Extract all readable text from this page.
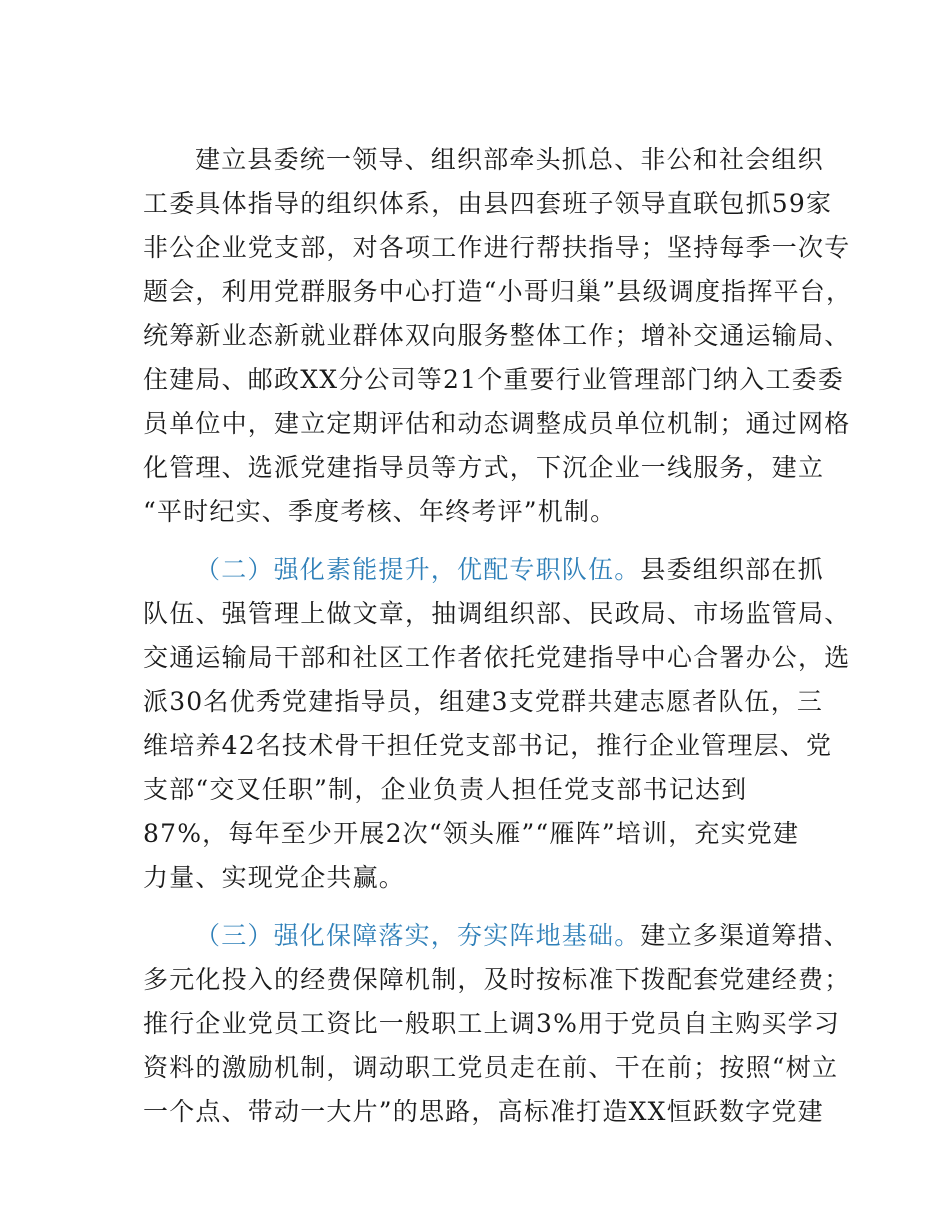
建立县委统一领导、组织部牵头抓总、非公和社会组织
工委具体指导的组织体系，由县四套班子领导直联包抓59家
非公企业党支部，对各项工作进行帮扶指导；坚持每季一次专
题会，利用党群服务中心打造“小哥归巢”县级调度指挥平台，
统筹新业态新就业群体双向服务整体工作；增补交通运输局、
住建局、邮政XX分公司等21个重要行业管理部门纳入工委委
员单位中，建立定期评估和动态调整成员单位机制；通过网格
化管理、选派党建指导员等方式，下沉企业一线服务，建立
“平时纪实、季度考核、年终考评”机制。
（二）强化素能提升，优配专职队伍。县委组织部在抓
队伍、强管理上做文章，抽调组织部、民政局、市场监管局、
交通运输局干部和社区工作者依托党建指导中心合署办公，选
派30名优秀党建指导员，组建3支党群共建志愿者队伍，三
维培养42名技术骨干担任党支部书记，推行企业管理层、党
支部“交叉任职”制，企业负责人担任党支部书记达到
87%，每年至少开展2次“领头雁”“雁阵”培训，充实党建
力量、实现党企共赢。
（三）强化保障落实，夯实阵地基础。建立多渠道筹措、
多元化投入的经费保障机制，及时按标准下拨配套党建经费；
推行企业党员工资比一般职工上调3%用于党员自主购买学习
资料的激励机制，调动职工党员走在前、干在前；按照“树立
一个点、带动一大片”的思路，高标准打造XX恒跃数字党建
